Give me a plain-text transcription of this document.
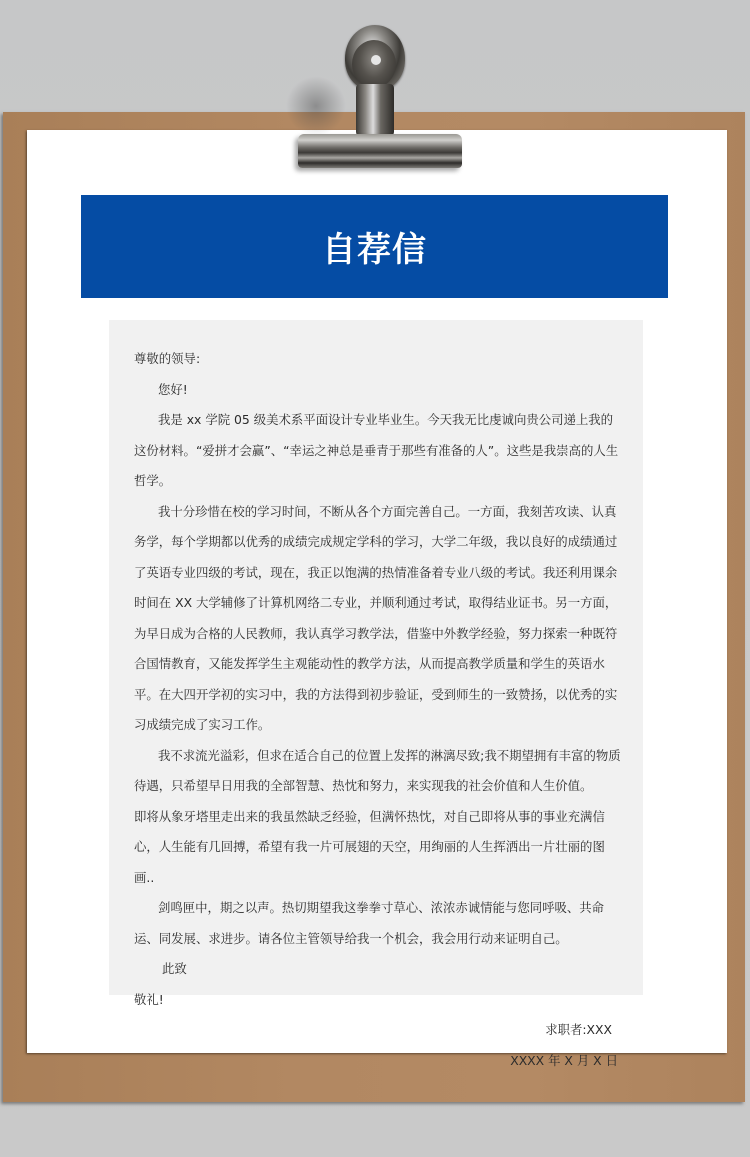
自荐信

尊敬的领导:

您好!

我是 xx 学院 05 级美术系平面设计专业毕业生。今天我无比虔诚向贵公司递上我的这份材料。“爱拼才会赢”、“幸运之神总是垂青于那些有准备的人”。这些是我崇高的人生哲学。

我十分珍惜在校的学习时间，不断从各个方面完善自己。一方面，我刻苦攻读、认真务学，每个学期都以优秀的成绩完成规定学科的学习，大学二年级，我以良好的成绩通过了英语专业四级的考试，现在，我正以饱满的热情准备着专业八级的考试。我还利用课余时间在 XX 大学辅修了计算机网络二专业，并顺利通过考试，取得结业证书。另一方面，为早日成为合格的人民教师，我认真学习教学法，借鉴中外教学经验，努力探索一种既符合国情教育，又能发挥学生主观能动性的教学方法，从而提高教学质量和学生的英语水平。在大四开学初的实习中，我的方法得到初步验证，受到师生的一致赞扬，以优秀的实习成绩完成了实习工作。

我不求流光溢彩，但求在适合自己的位置上发挥的淋漓尽致;我不期望拥有丰富的物质待遇，只希望早日用我的全部智慧、热忱和努力，来实现我的社会价值和人生价值。

即将从象牙塔里走出来的我虽然缺乏经验，但满怀热忱，对自己即将从事的事业充满信心，人生能有几回搏，希望有我一片可展翅的天空，用绚丽的人生挥洒出一片壮丽的图画..

剑鸣匣中，期之以声。热切期望我这拳拳寸草心、浓浓赤诚情能与您同呼吸、共命运、同发展、求进步。请各位主管领导给我一个机会，我会用行动来证明自己。

此致

敬礼!

求职者:XXX

XXXX 年 X 月 X 日
